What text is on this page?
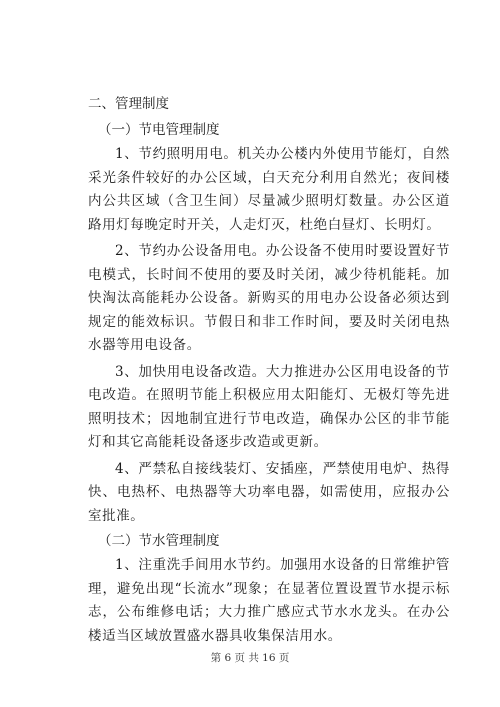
二、管理制度

（一）节电管理制度

1、节约照明用电。机关办公楼内外使用节能灯，自然采光条件较好的办公区域，白天充分利用自然光；夜间楼内公共区域（含卫生间）尽量减少照明灯数量。办公区道路用灯每晚定时开关，人走灯灭，杜绝白昼灯、长明灯。

2、节约办公设备用电。办公设备不使用时要设置好节电模式，长时间不使用的要及时关闭，减少待机能耗。加快淘汰高能耗办公设备。新购买的用电办公设备必须达到规定的能效标识。节假日和非工作时间，要及时关闭电热水器等用电设备。

3、加快用电设备改造。大力推进办公区用电设备的节电改造。在照明节能上积极应用太阳能灯、无极灯等先进照明技术；因地制宜进行节电改造，确保办公区的非节能灯和其它高能耗设备逐步改造或更新。

4、严禁私自接线装灯、安插座，严禁使用电炉、热得快、电热杯、电热器等大功率电器，如需使用，应报办公室批准。

（二）节水管理制度

1、注重洗手间用水节约。加强用水设备的日常维护管理，避免出现“长流水”现象；在显著位置设置节水提示标志，公布维修电话；大力推广感应式节水水龙头。在办公楼适当区域放置盛水器具收集保洁用水。

第 6 页 共 16 页
